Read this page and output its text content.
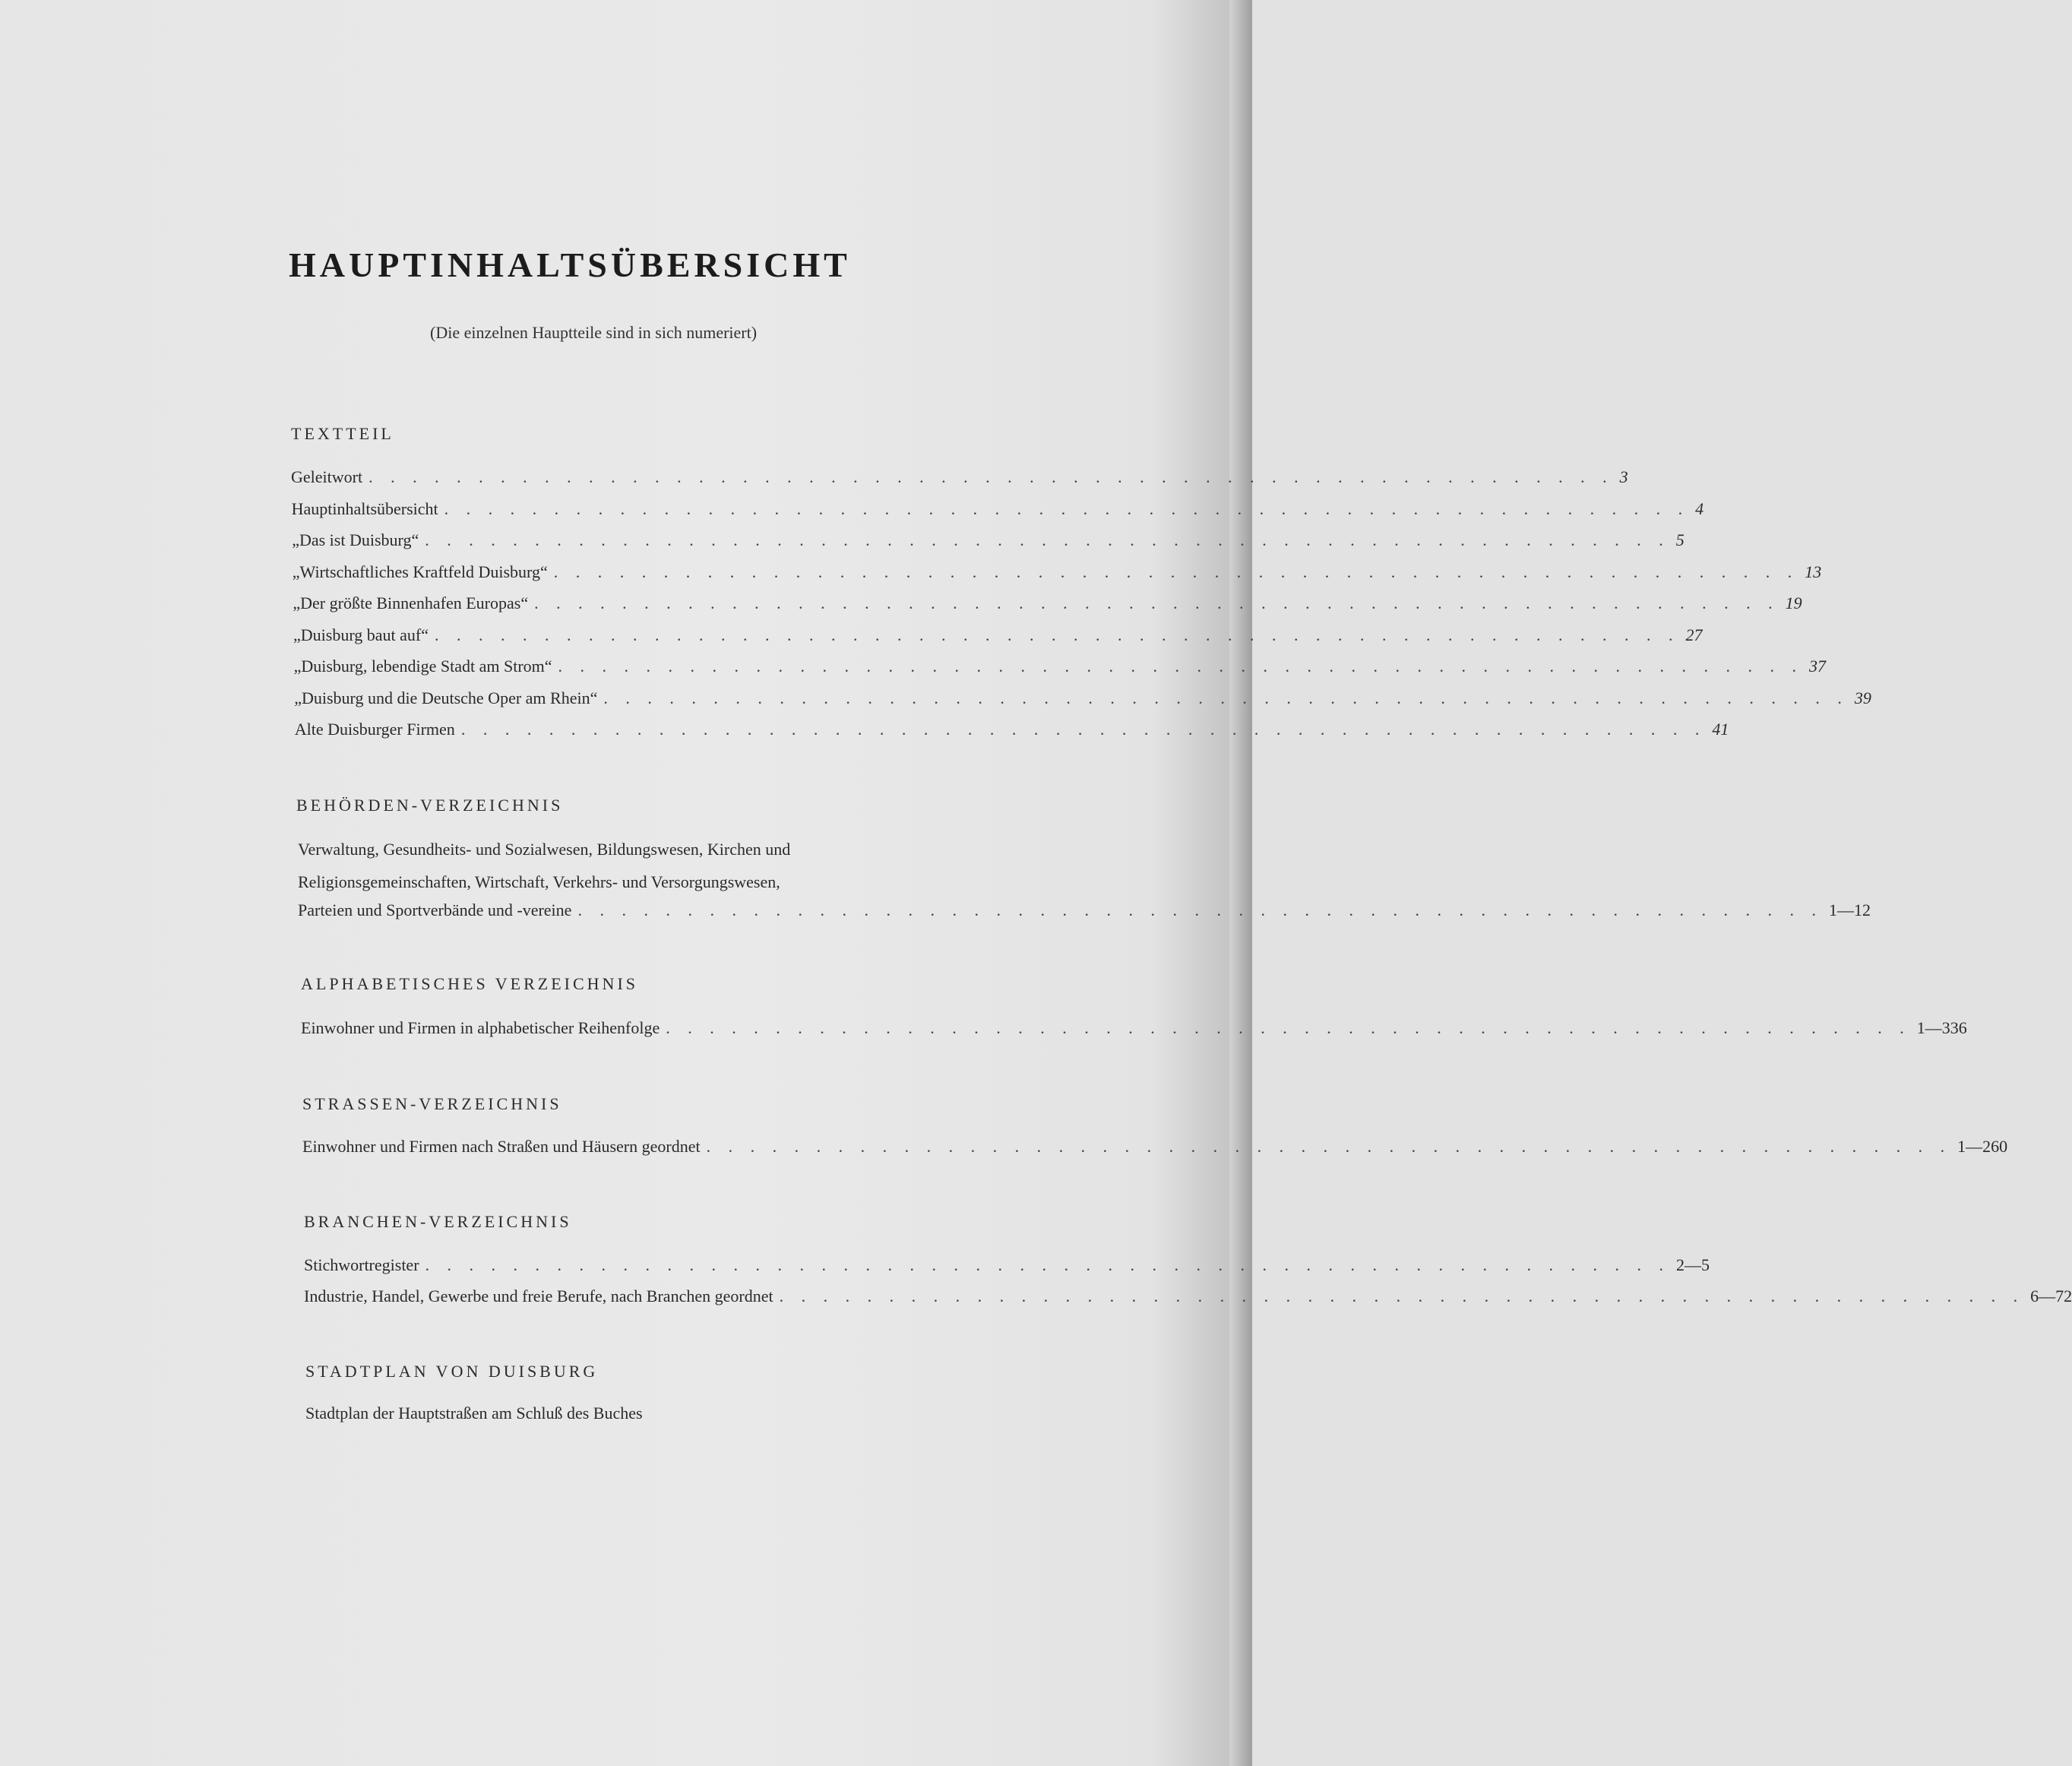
HAUPTINHALTSÜBERSICHT
(Die einzelnen Hauptteile sind in sich numeriert)
TEXTTEIL
Geleitwort . . . . . . . . . . . . . . . . . . . . . . . . . . . . . . . . . . . . . . . . . . . . . . . . . . . . . . . . . 3
Hauptinhaltsübersicht . . . . . . . . . . . . . . . . . . . . . . . . . . . . . . . . . . . . . . . . . . . . . . . . . . . . . . . . . 4
„Das ist Duisburg“ . . . . . . . . . . . . . . . . . . . . . . . . . . . . . . . . . . . . . . . . . . . . . . . . . . . . . . . . . 5
„Wirtschaftliches Kraftfeld Duisburg“ . . . . . . . . . . . . . . . . . . . . . . . . . . . . . . . . . . . . . . . . . . . . . . . . . . . . . . . . . 13
„Der größte Binnenhafen Europas“ . . . . . . . . . . . . . . . . . . . . . . . . . . . . . . . . . . . . . . . . . . . . . . . . . . . . . . . . . 19
„Duisburg baut auf“ . . . . . . . . . . . . . . . . . . . . . . . . . . . . . . . . . . . . . . . . . . . . . . . . . . . . . . . . . 27
„Duisburg, lebendige Stadt am Strom“ . . . . . . . . . . . . . . . . . . . . . . . . . . . . . . . . . . . . . . . . . . . . . . . . . . . . . . . . . 37
„Duisburg und die Deutsche Oper am Rhein“ . . . . . . . . . . . . . . . . . . . . . . . . . . . . . . . . . . . . . . . . . . . . . . . . . . . . . . . . . 39
Alte Duisburger Firmen . . . . . . . . . . . . . . . . . . . . . . . . . . . . . . . . . . . . . . . . . . . . . . . . . . . . . . . . . 41
BEHÖRDEN-VERZEICHNIS
Verwaltung, Gesundheits- und Sozialwesen, Bildungswesen, Kirchen und
Religionsgemeinschaften, Wirtschaft, Verkehrs- und Versorgungswesen,
Parteien und Sportverbände und -vereine . . . . . . . . . . . . . . . . . . . . . . . . . . . . . . . . . . . . . . . . . . . . . . . . . . . . . . . . . 1—12
ALPHABETISCHES VERZEICHNIS
Einwohner und Firmen in alphabetischer Reihenfolge . . . . . . . . . . . . . . . . . . . . . . . . . . . . . . . . . . . . . . . . . . . . . . . . . . . . . . . . . 1—336
STRASSEN-VERZEICHNIS
Einwohner und Firmen nach Straßen und Häusern geordnet . . . . . . . . . . . . . . . . . . . . . . . . . . . . . . . . . . . . . . . . . . . . . . . . . . . . . . . . . 1—260
BRANCHEN-VERZEICHNIS
Stichwortregister . . . . . . . . . . . . . . . . . . . . . . . . . . . . . . . . . . . . . . . . . . . . . . . . . . . . . . . . . 2—5
Industrie, Handel, Gewerbe und freie Berufe, nach Branchen geordnet . . . . . . . . . . . . . . . . . . . . . . . . . . . . . . . . . . . . . . . . . . . . . . . . . . . . . . . . . 6—72
STADTPLAN VON DUISBURG
Stadtplan der Hauptstraßen am Schluß des Buches
